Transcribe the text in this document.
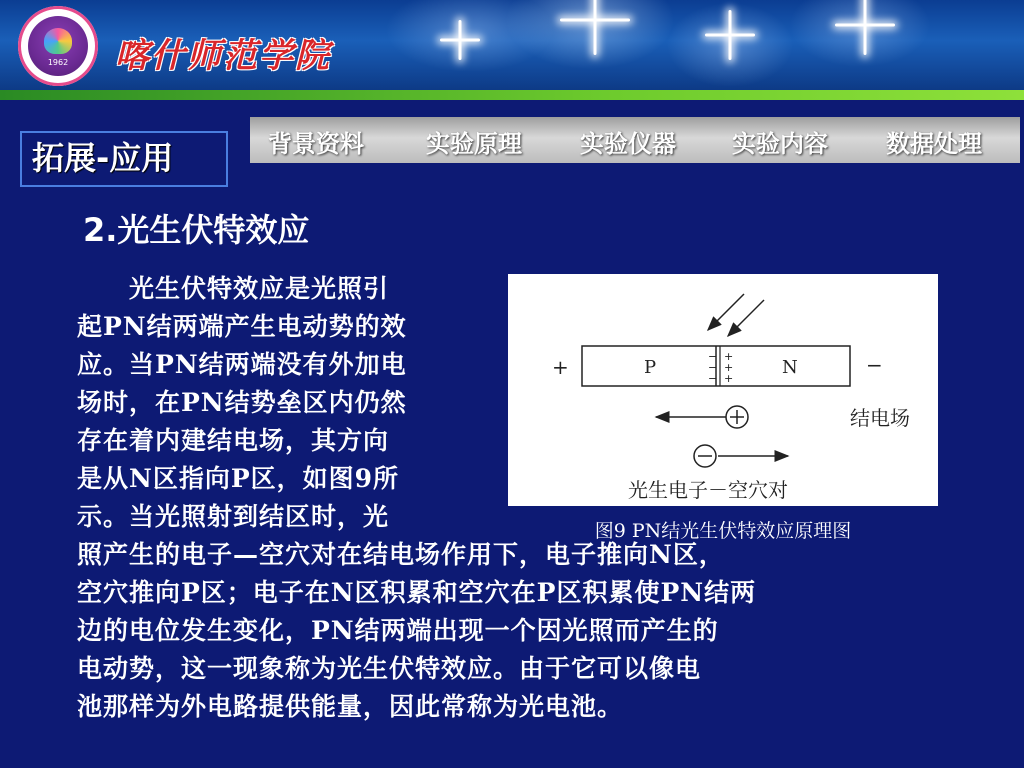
1962	喀什师范学院
背景资料	实验原理 实验仪器 实验内容 数据处理
拓展-应用
2.光生伏特效应
　　光生伏特效应是光照引
起PN结两端产生电动势的效
应。当PN结两端没有外加电
场时，在PN结势垒区内仍然
存在着内建结电场，其方向
是从N区指向P区，如图9所
示。当光照射到结区时，光
照产生的电子—空穴对在结电场作用下，电子推向N区，
空穴推向P区；电子在N区积累和空穴在P区积累使PN结两
边的电位发生变化，PN结两端出现一个因光照而产生的
电动势，这一现象称为光生伏特效应。由于它可以像电
池那样为外电路提供能量，因此常称为光电池。
−
−
−
+
+
+
+	−
P	N
结电场
光生电子－空穴对
图9 PN结光生伏特效应原理图
